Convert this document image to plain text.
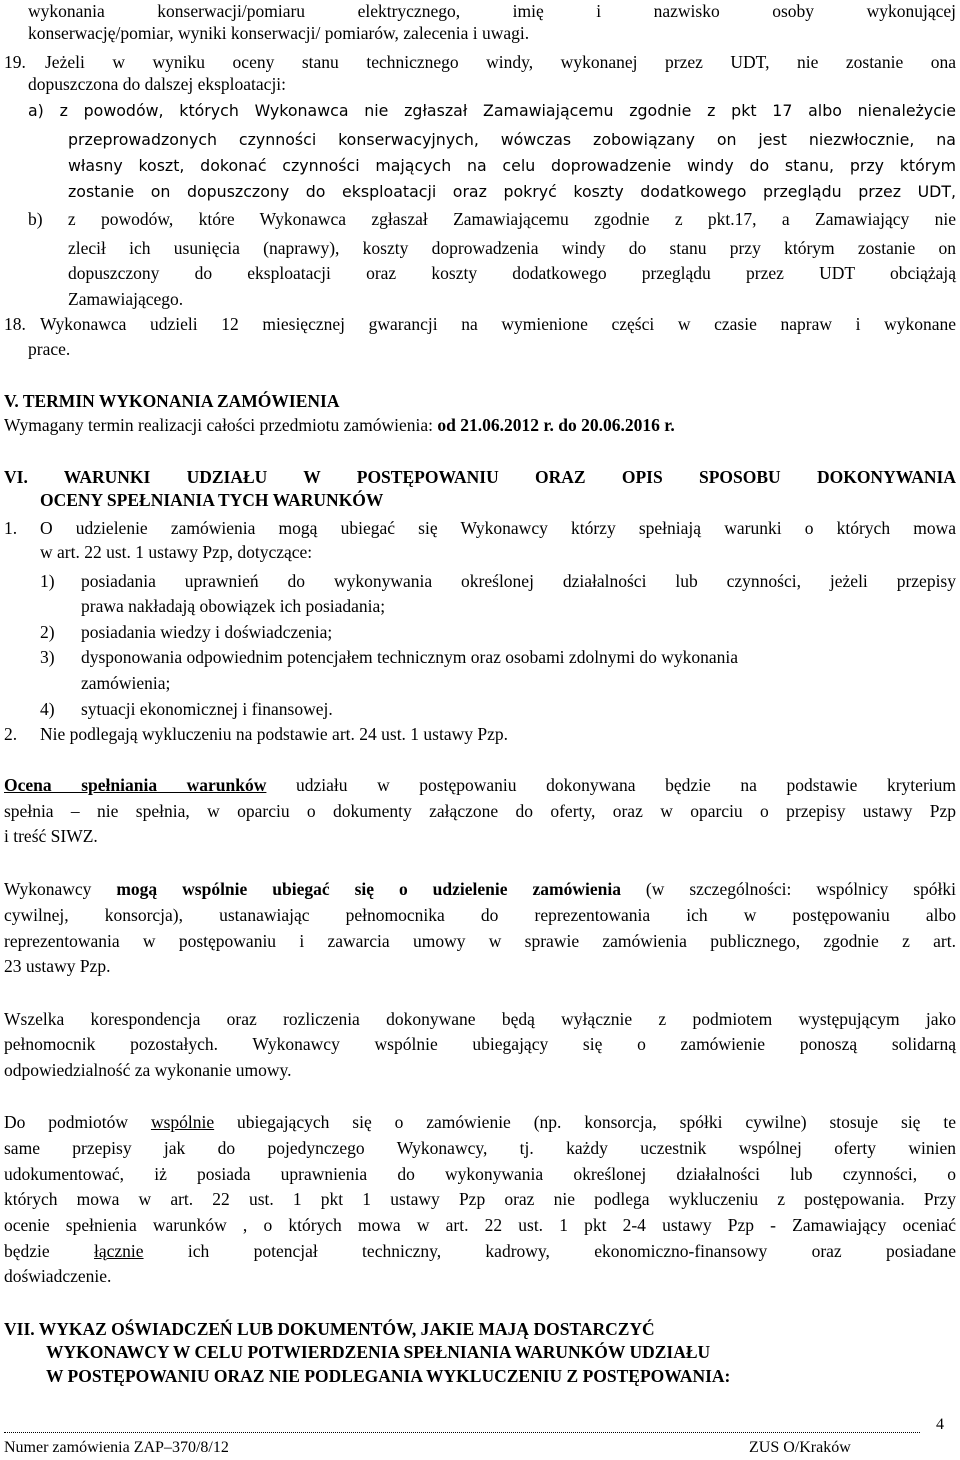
wykonania konserwacji/pomiaru elektrycznego, imię i nazwisko osoby wykonującej
konserwację/pomiar, wyniki konserwacji/ pomiarów, zalecenia i uwagi.
19. Jeżeli w wyniku oceny stanu technicznego windy, wykonanej przez UDT, nie zostanie ona
dopuszczona do dalszej eksploatacji:
a) z powodów, których Wykonawca nie zgłaszał Zamawiającemu zgodnie z pkt 17 albo nienależycie
przeprowadzonych czynności konserwacyjnych, wówczas zobowiązany on jest niezwłocznie, na
własny koszt, dokonać czynności mających na celu doprowadzenie windy do stanu, przy którym
zostanie on dopuszczony do eksploatacji oraz pokryć koszty dodatkowego przeglądu przez UDT,
b) z powodów, które Wykonawca zgłaszał Zamawiającemu zgodnie z pkt.17, a Zamawiający nie
zlecił ich usunięcia (naprawy), koszty doprowadzenia windy do stanu przy którym zostanie on
dopuszczony do eksploatacji oraz koszty dodatkowego przeglądu przez UDT obciążają
Zamawiającego.
18. Wykonawca udzieli 12 miesięcznej gwarancji na wymienione części w czasie napraw i wykonane
prace.
V. TERMIN WYKONANIA ZAMÓWIENIA
Wymagany termin realizacji całości przedmiotu zamówienia: od 21.06.2012 r. do 20.06.2016 r.
VI. WARUNKI UDZIAŁU W POSTĘPOWANIU ORAZ OPIS SPOSOBU DOKONYWANIA
OCENY SPEŁNIANIA TYCH WARUNKÓW
1. O udzielenie zamówienia mogą ubiegać się Wykonawcy którzy spełniają warunki o których mowa
w art. 22 ust. 1 ustawy Pzp, dotyczące:
1) posiadania uprawnień do wykonywania określonej działalności lub czynności, jeżeli przepisy
prawa nakładają obowiązek ich posiadania;
2) posiadania wiedzy i doświadczenia;
3) dysponowania odpowiednim potencjałem technicznym oraz osobami zdolnymi do wykonania
zamówienia;
4) sytuacji ekonomicznej i finansowej.
2. Nie podlegają wykluczeniu na podstawie art. 24 ust. 1 ustawy Pzp.
Ocena spełniania warunków udziału w postępowaniu dokonywana będzie na podstawie kryterium
spełnia – nie spełnia, w oparciu o dokumenty załączone do oferty, oraz w oparciu o przepisy ustawy Pzp
i treść SIWZ.
Wykonawcy mogą wspólnie ubiegać się o udzielenie zamówienia (w szczególności: wspólnicy spółki
cywilnej, konsorcja), ustanawiając pełnomocnika do reprezentowania ich w postępowaniu albo
reprezentowania w postępowaniu i zawarcia umowy w sprawie zamówienia publicznego, zgodnie z art.
23 ustawy Pzp.
Wszelka korespondencja oraz rozliczenia dokonywane będą wyłącznie z podmiotem występującym jako
pełnomocnik pozostałych. Wykonawcy wspólnie ubiegający się o zamówienie ponoszą solidarną
odpowiedzialność za wykonanie umowy.
Do podmiotów wspólnie ubiegających się o zamówienie (np. konsorcja, spółki cywilne) stosuje się te
same przepisy jak do pojedynczego Wykonawcy, tj. każdy uczestnik wspólnej oferty winien
udokumentować, iż posiada uprawnienia do wykonywania określonej działalności lub czynności, o
których mowa w art. 22 ust. 1 pkt 1 ustawy Pzp oraz nie podlega wykluczeniu z postępowania. Przy
ocenie spełnienia warunków , o których mowa w art. 22 ust. 1 pkt 2-4 ustawy Pzp - Zamawiający oceniać
będzie łącznie ich potencjał techniczny, kadrowy, ekonomiczno-finansowy oraz posiadane
doświadczenie.
VII. WYKAZ OŚWIADCZEŃ LUB DOKUMENTÓW, JAKIE MAJĄ DOSTARCZYĆ
WYKONAWCY W CELU POTWIERDZENIA SPEŁNIANIA WARUNKÓW UDZIAŁU
W POSTĘPOWANIU ORAZ NIE PODLEGANIA WYKLUCZENIU Z POSTĘPOWANIA:
4
Numer zamówienia ZAP–370/8/12	ZUS O/Kraków
